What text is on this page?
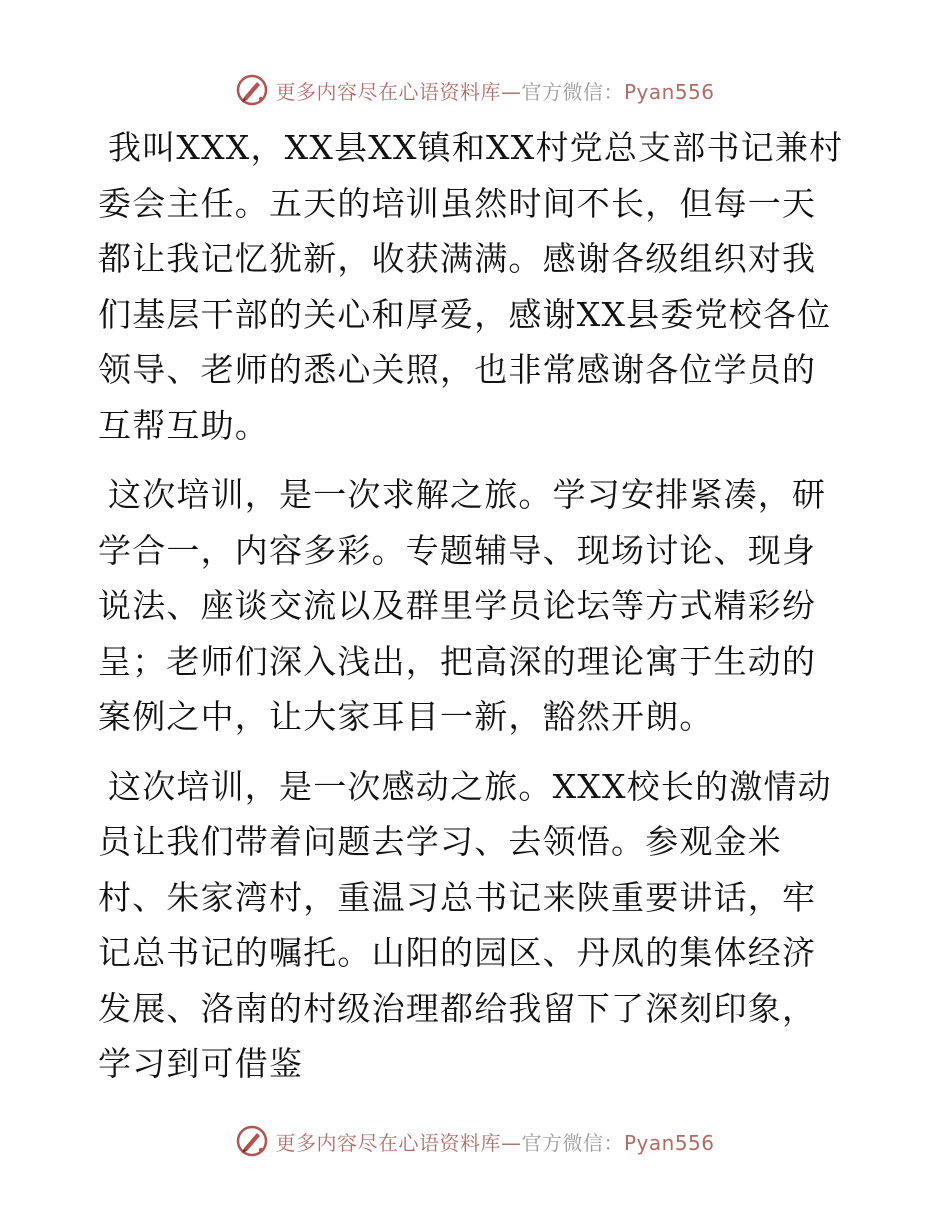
更多内容尽在心语资料库—官方微信：Pyan556

我叫XXX，XX县XX镇和XX村党总支部书记兼村委会主任。五天的培训虽然时间不长，但每一天都让我记忆犹新，收获满满。感谢各级组织对我们基层干部的关心和厚爱，感谢XX县委党校各位领导、老师的悉心关照，也非常感谢各位学员的互帮互助。

这次培训，是一次求解之旅。学习安排紧凑，研学合一，内容多彩。专题辅导、现场讨论、现身说法、座谈交流以及群里学员论坛等方式精彩纷呈；老师们深入浅出，把高深的理论寓于生动的案例之中，让大家耳目一新，豁然开朗。

这次培训，是一次感动之旅。XXX校长的激情动员让我们带着问题去学习、去领悟。参观金米村、朱家湾村，重温习总书记来陕重要讲话，牢记总书记的嘱托。山阳的园区、丹凤的集体经济发展、洛南的村级治理都给我留下了深刻印象，学习到可借鉴

更多内容尽在心语资料库—官方微信：Pyan556
